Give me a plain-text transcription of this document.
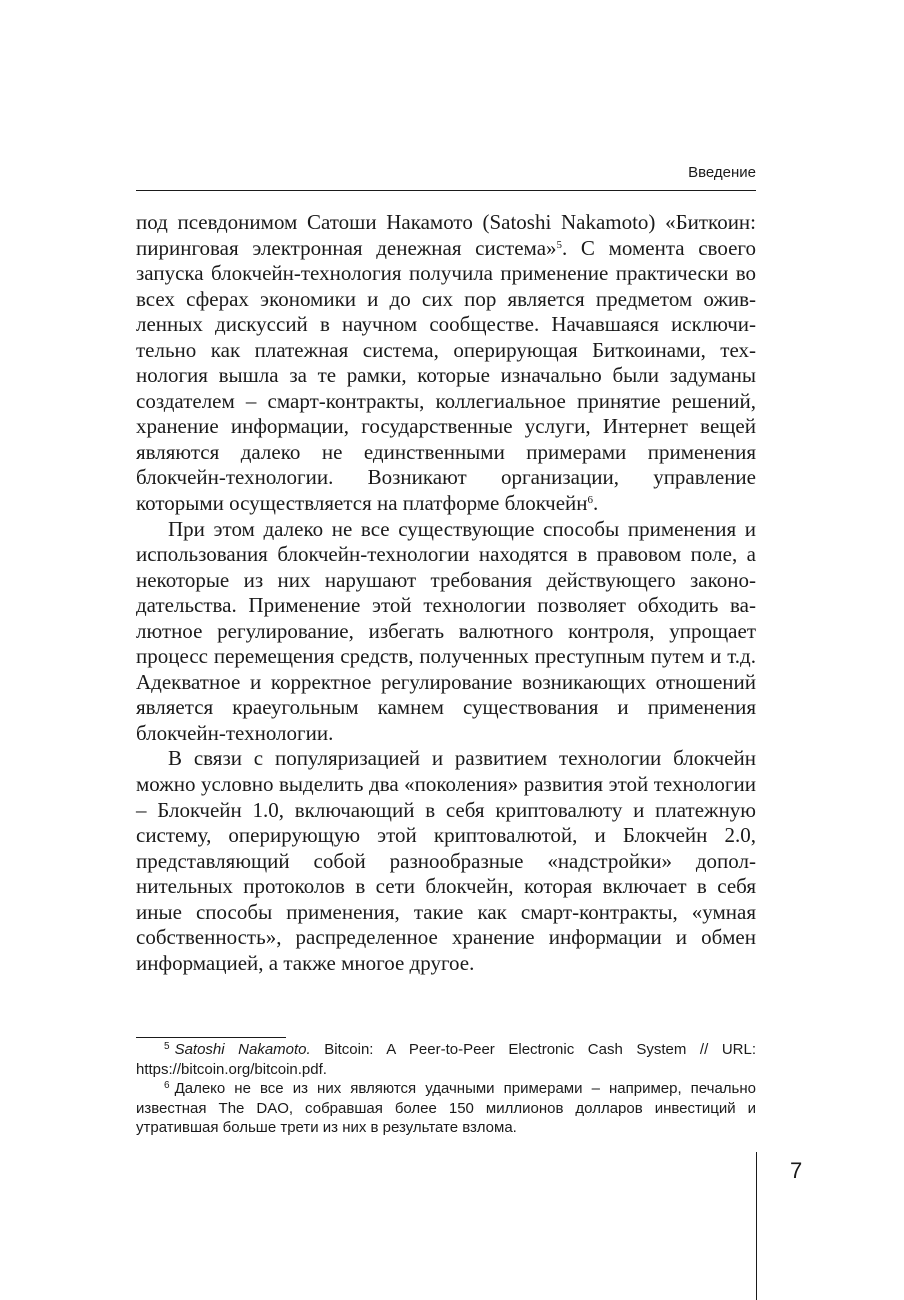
Введение

под псевдонимом Сатоши Накамото (Satoshi Nakamoto) «Биткоин: пиринговая электронная денежная система»$^5$. С момента своего запуска блокчейн-технология получила применение практически во всех сферах экономики и до сих пор является предметом оживленных дискуссий в научном сообществе. Начавшаяся исключительно как платежная система, оперирующая Биткоинами, технология вышла за те рамки, которые изначально были задуманы создателем – смарт-контракты, коллегиальное принятие решений, хранение информации, государственные услуги, Интернет вещей являются далеко не единственными примерами применения блокчейн-технологии. Возникают организации, управление которыми осуществляется на платформе блокчейн$^6$.

При этом далеко не все существующие способы применения и использования блокчейн-технологии находятся в правовом поле, а некоторые из них нарушают требования действующего законодательства. Применение этой технологии позволяет обходить валютное регулирование, избегать валютного контроля, упрощает процесс перемещения средств, полученных преступным путем и т.д. Адекватное и корректное регулирование возникающих отношений является краеугольным камнем существования и применения блокчейн-технологии.

В связи с популяризацией и развитием технологии блокчейн можно условно выделить два «поколения» развития этой технологии – Блокчейн 1.0, включающий в себя криптовалюту и платежную систему, оперирующую этой криптовалютой, и Блокчейн 2.0, представляющий собой разнообразные «надстройки» дополнительных протоколов в сети блокчейн, которая включает в себя иные способы применения, такие как смарт-контракты, «умная собственность», распределенное хранение информации и обмен информацией, а также многое другое.

$^5$ Satoshi Nakamoto. Bitcoin: A Peer-to-Peer Electronic Cash System // URL: https://bitcoin.org/bitcoin.pdf.

$^6$ Далеко не все из них являются удачными примерами – например, печально известная The DAO, собравшая более 150 миллионов долларов инвестиций и утратившая больше трети из них в результате взлома.

7
